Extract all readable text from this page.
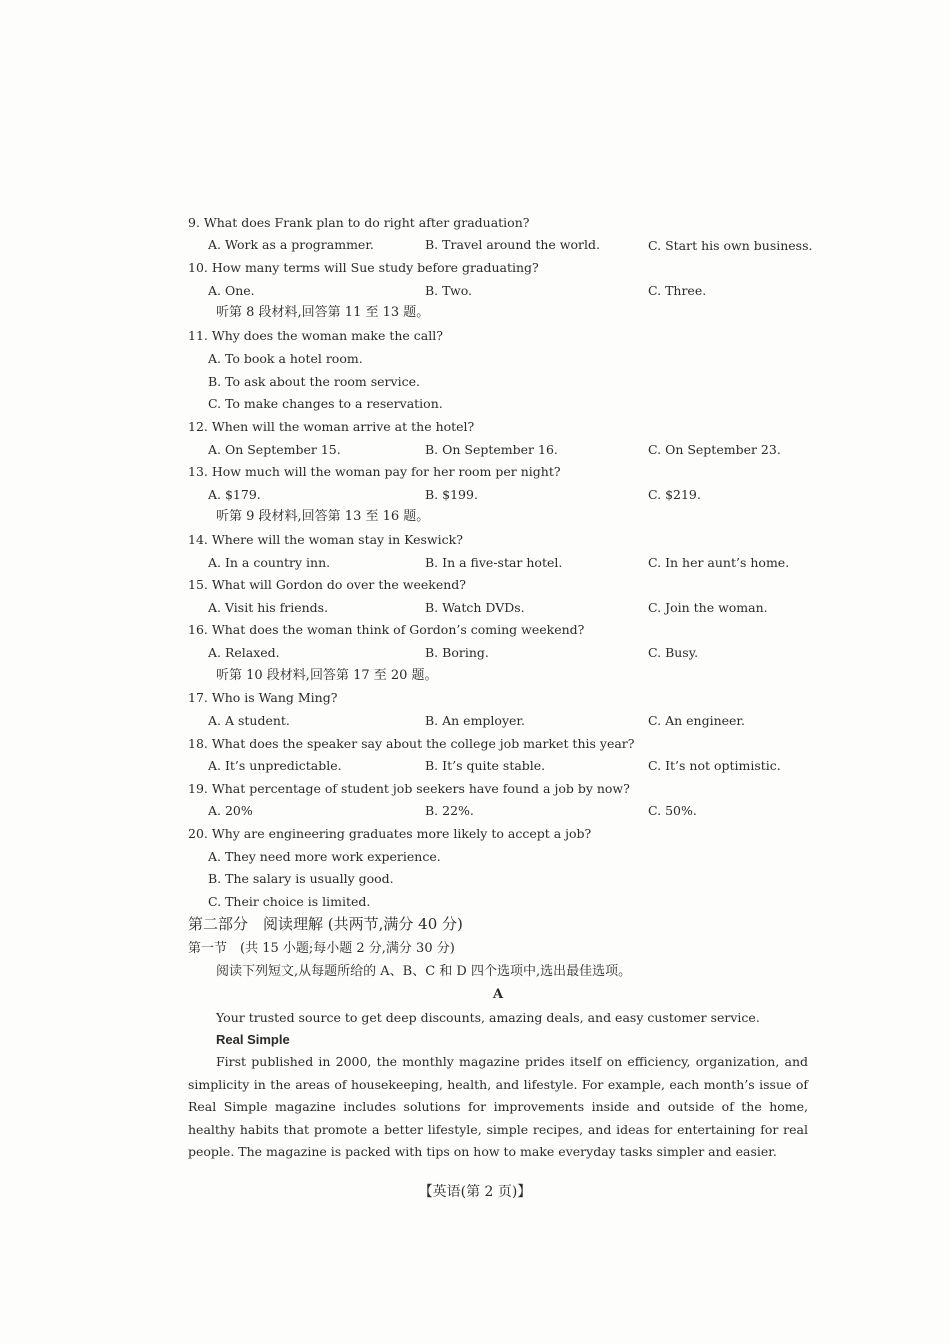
9. What does Frank plan to do right after graduation?
A. Work as a programmer.	B. Travel around the world.	C. Start his own business.
10. How many terms will Sue study before graduating?
A. One.	B. Two.	C. Three.
听第 8 段材料,回答第 11 至 13 题。
11. Why does the woman make the call?
A. To book a hotel room.
B. To ask about the room service.
C. To make changes to a reservation.
12. When will the woman arrive at the hotel?
A. On September 15.	B. On September 16.	C. On September 23.
13. How much will the woman pay for her room per night?
A. $179.	B. $199.	C. $219.
听第 9 段材料,回答第 13 至 16 题。
14. Where will the woman stay in Keswick?
A. In a country inn.	B. In a five-star hotel.	C. In her aunt’s home.
15. What will Gordon do over the weekend?
A. Visit his friends.	B. Watch DVDs.	C. Join the woman.
16. What does the woman think of Gordon’s coming weekend?
A. Relaxed.	B. Boring.	C. Busy.
听第 10 段材料,回答第 17 至 20 题。
17. Who is Wang Ming?
A. A student.	B. An employer.	C. An engineer.
18. What does the speaker say about the college job market this year?
A. It’s unpredictable.	B. It’s quite stable.	C. It’s not optimistic.
19. What percentage of student job seekers have found a job by now?
A. 20%	B. 22%.	C. 50%.
20. Why are engineering graduates more likely to accept a job?
A. They need more work experience.
B. The salary is usually good.
C. Their choice is limited.
第二部分　阅读理解 (共两节,满分 40 分)
第一节　(共 15 小题;每小题 2 分,满分 30 分)
阅读下列短文,从每题所给的 A、B、C 和 D 四个选项中,选出最佳选项。
A
Your trusted source to get deep discounts, amazing deals, and easy customer service.
Real Simple
First published in 2000, the monthly magazine prides itself on efficiency, organization, and simplicity in the areas of housekeeping, health, and lifestyle. For example, each month’s issue of Real Simple magazine includes solutions for improvements inside and outside of the home, healthy habits that promote a better lifestyle, simple recipes, and ideas for entertaining for real people. The magazine is packed with tips on how to make everyday tasks simpler and easier.
【英语(第 2 页)】
